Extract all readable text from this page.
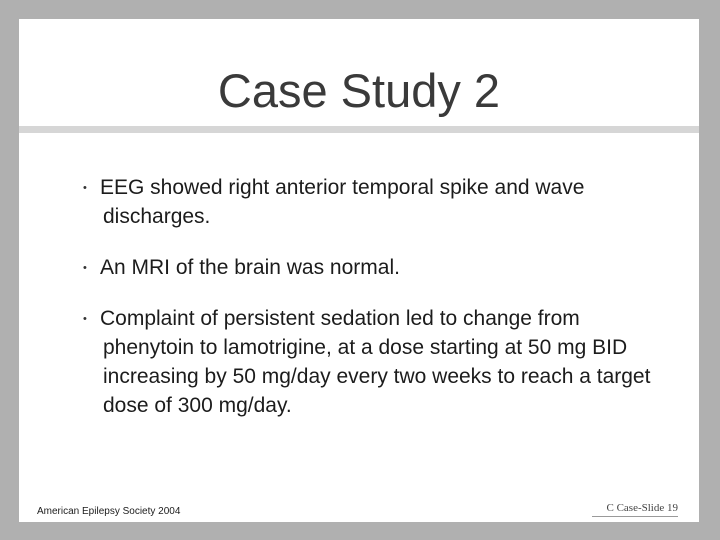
Case Study 2
• EEG showed right anterior temporal spike and wave discharges.
• An MRI of the brain was normal.
• Complaint of persistent sedation led to change from phenytoin to lamotrigine, at a dose starting at 50 mg BID increasing by 50 mg/day every two weeks to reach a target dose of 300 mg/day.
American Epilepsy Society 2004	C Case-Slide 19
